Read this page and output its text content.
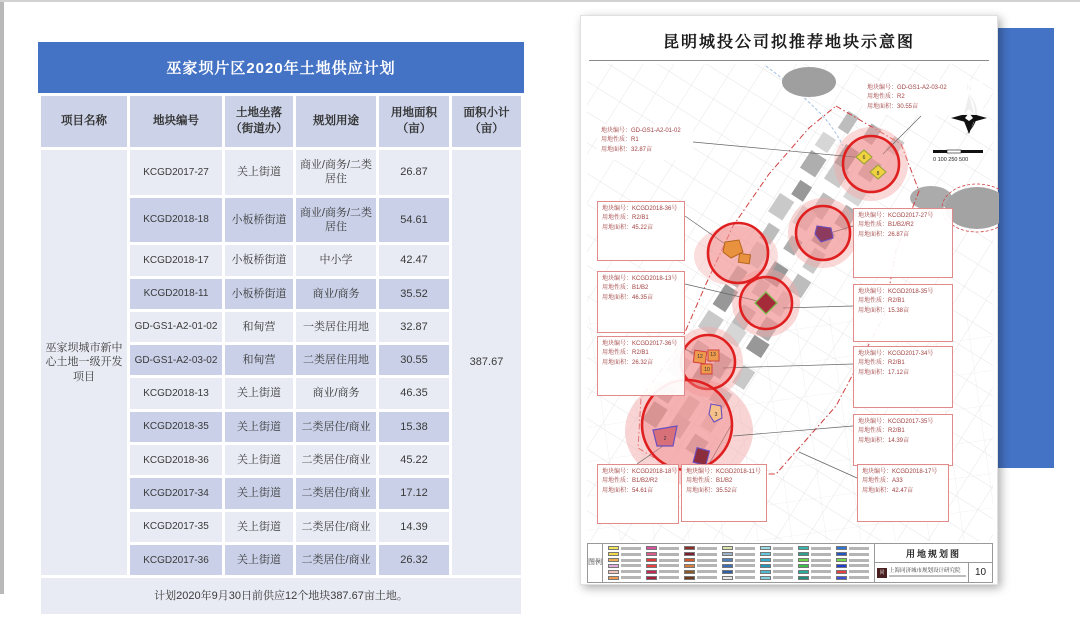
巫家坝片区2020年土地供应计划
项目名称	地块编号	土地坐落（街道办）	规划用途	用地面积（亩）	面积小计（亩）
巫家坝城市新中心土地一级开发项目	KCGD2017-27	关上街道	商业/商务/二类居住	26.87	387.67
	KCGD2018-18	小板桥街道	商业/商务/二类居住	54.61	
	KCGD2018-17	小板桥街道	中小学	42.47	
	KCGD2018-11	小板桥街道	商业/商务	35.52	
	GD-GS1-A2-01-02	和甸营	一类居住用地	32.87	
	GD-GS1-A2-03-02	和甸营	二类居住用地	30.55	
	KCGD2018-13	关上街道	商业/商务	46.35	
	KCGD2018-35	关上街道	二类居住/商业	15.38	
	KCGD2018-36	关上街道	二类居住/商业	45.22	
	KCGD2017-34	关上街道	二类居住/商业	17.12	
	KCGD2017-35	关上街道	二类居住/商业	14.39	
	KCGD2017-36	关上街道	二类居住/商业	26.32	
计划2020年9月30日前供应12个地块387.67亩土地。					
6
8
12 13
10
3
2
0 100 250 500
昆明城投公司拟推荐地块示意图
地块编号：GD-GS1-A2-03-02
用地性质：R2
用地面积：30.55亩
地块编号：GD-GS1-A2-01-02
用地性质：R1
用地面积：32.87亩
地块编号：KCGD2018-36号
用地性质：R2/B1
用地面积：45.22亩
地块编号：KCGD2018-13号
用地性质：B1/B2
用地面积：46.35亩
地块编号：KCGD2017-36号
用地性质：R2/B1
用地面积：26.32亩
地块编号：KCGD2017-27号
用地性质：B1/B2/R2
用地面积：26.87亩
地块编号：KCGD2018-35号
用地性质：R2/B1
用地面积：15.38亩
地块编号：KCGD2017-34号
用地性质：R2/B1
用地面积：17.12亩
地块编号：KCGD2017-35号
用地性质：R2/B1
用地面积：14.39亩
地块编号：KCGD2018-17号
用地性质：A33
用地面积：42.47亩
地块编号：KCGD2018-18号
用地性质：B1/B2/R2
用地面积：54.61亩
地块编号：KCGD2018-11号
用地性质：B1/B2
用地面积：35.52亩
图例
用地规划图
同 上海同济城市规划设计研究院	10
